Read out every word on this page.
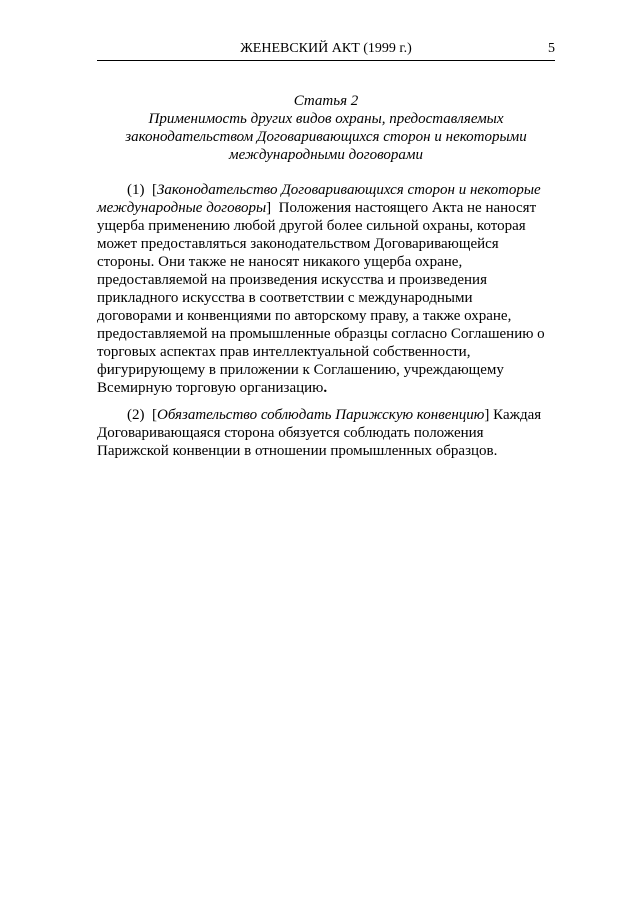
ЖЕНЕВСКИЙ АКТ (1999 г.)	5
Статья 2
Применимость других видов охраны, предоставляемых законодательством Договаривающихся сторон и некоторыми международными договорами
(1) [Законодательство Договаривающихся сторон и некоторые международные договоры] Положения настоящего Акта не наносят ущерба применению любой другой более сильной охраны, которая может предоставляться законодательством Договаривающейся стороны. Они также не наносят никакого ущерба охране, предоставляемой на произведения искусства и произведения прикладного искусства в соответствии с международными договорами и конвенциями по авторскому праву, а также охране, предоставляемой на промышленные образцы согласно Соглашению о торговых аспектах прав интеллектуальной собственности, фигурирующему в приложении к Соглашению, учреждающему Всемирную торговую организацию.
(2) [Обязательство соблюдать Парижскую конвенцию] Каждая Договаривающаяся сторона обязуется соблюдать положения Парижской конвенции в отношении промышленных образцов.
